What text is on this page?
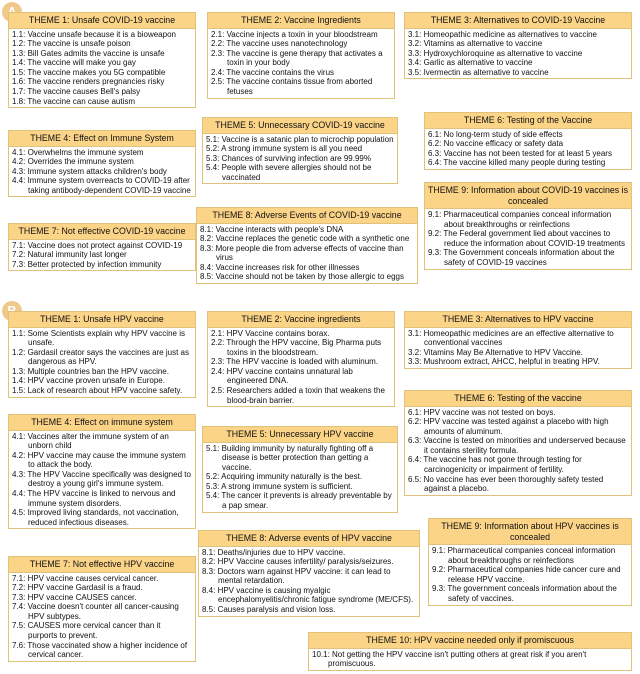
THEME 1: Unsafe COVID-19 vaccine
1.1: Vaccine unsafe because it is a bioweapon
1.2: The vaccine is unsafe poison
1.3: Bill Gates admits the vaccine is unsafe
1.4: The vaccine will make you gay
1.5: The vaccine makes you 5G compatible
1.6: The vaccine renders pregnancies risky
1.7: The vaccine causes Bell's palsy
1.8: The vaccine can cause autism
THEME 2: Vaccine Ingredients
2.1: Vaccine injects a toxin in your bloodstream
2.2: The vaccine uses nanotechnology
2.3: The vaccine is gene therapy that activates a toxin in your body
2.4: The vaccine contains the virus
2.5: The vaccine contains tissue from aborted fetuses
THEME 3: Alternatives to COVID-19 Vaccine
3.1: Homeopathic medicine as alternatives to vaccine
3.2: Vitamins as alternative to vaccine
3.3: Hydroxychloroquine as alternative to vaccine
3.4: Garlic as alternative to vaccine
3.5: Ivermectin as alternative to vaccine
THEME 4: Effect on Immune System
4.1: Overwhelms the immune system
4.2: Overrides the immune system
4.3: Immune system attacks children's body
4.4: Immune system overreacts to COVID-19 after taking antibody-dependent COVID-19 vaccine
THEME 5: Unnecessary COVID-19 vaccine
5.1: Vaccine is a satanic plan to microchip population
5.2: A strong immune system is all you need
5.3: Chances of surviving infection are 99.99%
5.4: People with severe allergies should not be vaccinated
THEME 6: Testing of the Vaccine
6.1: No long-term study of side effects
6.2: No vaccine efficacy or safety data
6.3: Vaccine has not been tested for at least 5 years
6.4: The vaccine killed many people during testing
THEME 7: Not effective COVID-19 vaccine
7.1: Vaccine does not protect against COVID-19
7.2: Natural immunity last longer
7.3: Better protected by infection immunity
THEME 8: Adverse Events of COVID-19 vaccine
8.1: Vaccine interacts with people's DNA
8.2: Vaccine replaces the genetic code with a synthetic one
8.3: More people die from adverse effects of vaccine than virus
8.4: Vaccine increases risk for other illnesses
8.5: Vaccine should not be taken by those allergic to eggs
THEME 9: Information about COVID-19 vaccines is concealed
9.1: Pharmaceutical companies conceal information about breakthroughs or reinfections
9.2: The Federal government lied about vaccines to reduce the information about COVID-19 treatments
9.3: The Government conceals information about the safety of COVID-19 vaccines
THEME 1: Unsafe HPV vaccine
1.1: Some Scientists explain why HPV vaccine is unsafe.
1.2: Gardasil creator says the vaccines are just as dangerous as HPV.
1.3: Multiple countries ban the HPV vaccine.
1.4: HPV vaccine proven unsafe in Europe.
1.5: Lack of research about HPV vaccine safety.
THEME 2: Vaccine ingredients
2.1: HPV Vaccine contains borax.
2.2: Through the HPV vaccine, Big Pharma puts toxins in the bloodstream.
2.3: The HPV vaccine is loaded with aluminum.
2.4: HPV vaccine contains unnatural lab engineered DNA.
2.5: Researchers added a toxin that weakens the blood-brain barrier.
THEME 3: Alternatives to HPV vaccine
3.1: Homeopathic medicines are an effective alternative to conventional vaccines
3.2: Vitamins May Be Alternative to HPV Vaccine.
3.3: Mushroom extract, AHCC, helpful in treating HPV.
THEME 4: Effect on immune system
4.1: Vaccines alter the immune system of an unborn child
4.2: HPV vaccine may cause the immune system to attack the body.
4.3: The HPV Vaccine specifically was designed to destroy a young girl's immune system.
4.4: The HPV vaccine is linked to nervous and immune system disorders.
4.5: Improved living standards, not vaccination, reduced infectious diseases.
THEME 5: Unnecessary HPV vaccine
5.1: Building immunity by naturally fighting off a disease is better protection than getting a vaccine.
5.2: Acquiring immunity naturally is the best.
5.3: A strong immune system is sufficient.
5.4: The cancer it prevents is already preventable by a pap smear.
THEME 6: Testing of the vaccine
6.1: HPV vaccine was not tested on boys.
6.2: HPV vaccine was tested against a placebo with high amounts of aluminum.
6.3: Vaccine is tested on minorities and underserved because it contains sterility formula.
6.4: The vaccine has not gone through testing for carcinogenicity or impairment of fertility.
6.5: No vaccine has ever been thoroughly safety tested against a placebo.
THEME 7: Not effective HPV vaccine
7.1: HPV vaccine causes cervical cancer.
7.2: HPV vaccine Gardasil is a fraud.
7.3: HPV vaccine CAUSES cancer.
7.4: Vaccine doesn't counter all cancer-causing HPV subtypes.
7.5: CAUSES more cervical cancer than it purports to prevent.
7.6: Those vaccinated show a higher incidence of cervical cancer.
THEME 8: Adverse events of HPV vaccine
8.1: Deaths/injuries due to HPV vaccine.
8.2: HPV Vaccine causes infertility/ paralysis/seizures.
8.3: Doctors warn against HPV vaccine: it can lead to mental retardation.
8.4: HPV vaccine is causing myalgic encephalomyelitis/chronic fatigue syndrome (ME/CFS).
8.5: Causes paralysis and vision loss.
THEME 9: Information about HPV vaccines is concealed
9.1: Pharmaceutical companies conceal information about breakthroughs or reinfections
9.2: Pharmaceutical companies hide cancer cure and release HPV vaccine.
9.3: The government conceals information about the safety of vaccines.
THEME 10: HPV vaccine needed only if promiscuous
10.1: Not getting the HPV vaccine isn't putting others at great risk if you aren't promiscuous.
